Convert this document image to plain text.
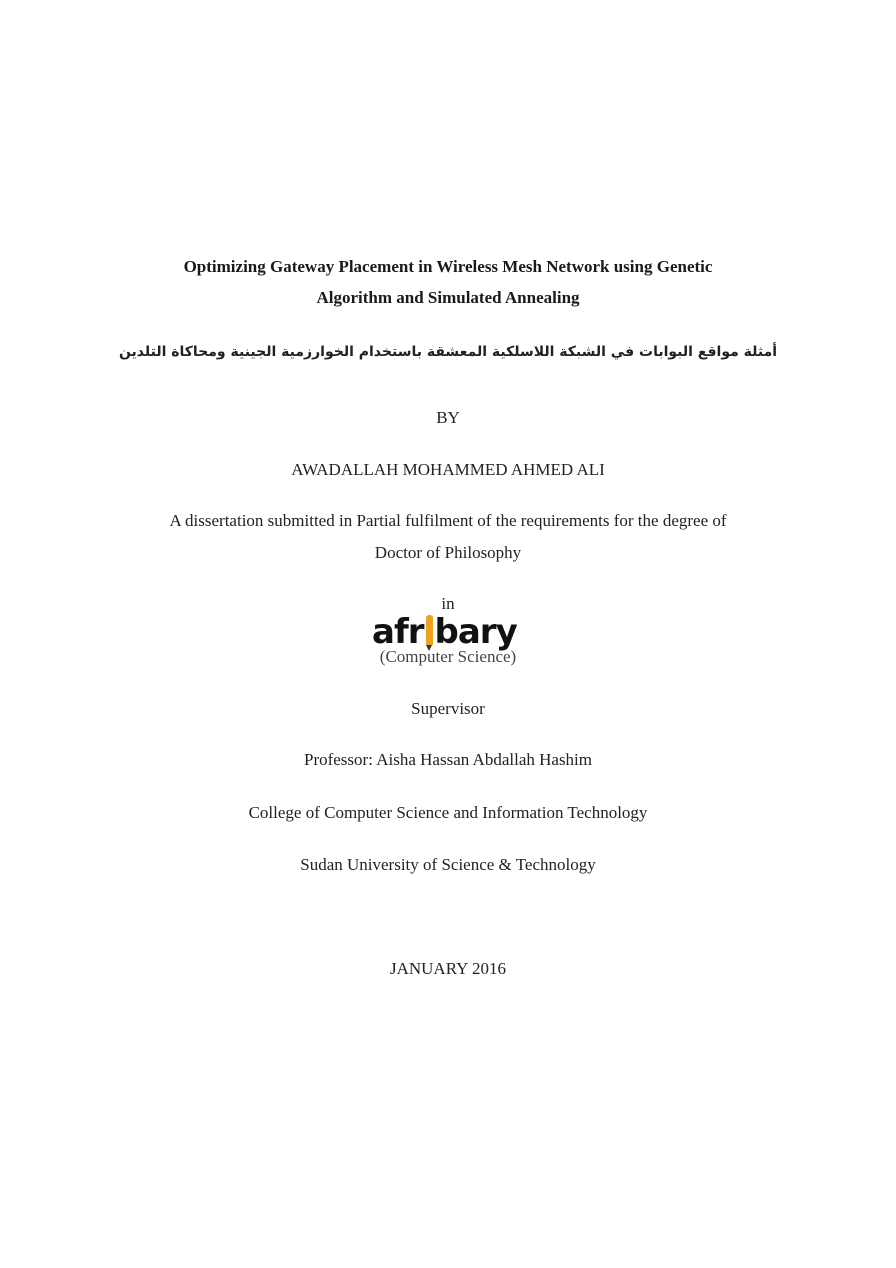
Optimizing Gateway Placement in Wireless Mesh Network using Genetic
Algorithm and Simulated Annealing
أمثلة مواقع البوابات في الشبكة اللاسلكية المعشقة باستخدام الخوارزمية الجينية ومحاكاة التلدين
BY
AWADALLAH MOHAMMED AHMED ALI
A dissertation submitted in Partial fulfilment of the requirements for the degree of
Doctor of Philosophy
in
(Computer Science)
afr bary
Supervisor
Professor: Aisha Hassan Abdallah Hashim
College of Computer Science and Information Technology
Sudan University of Science & Technology
JANUARY 2016
